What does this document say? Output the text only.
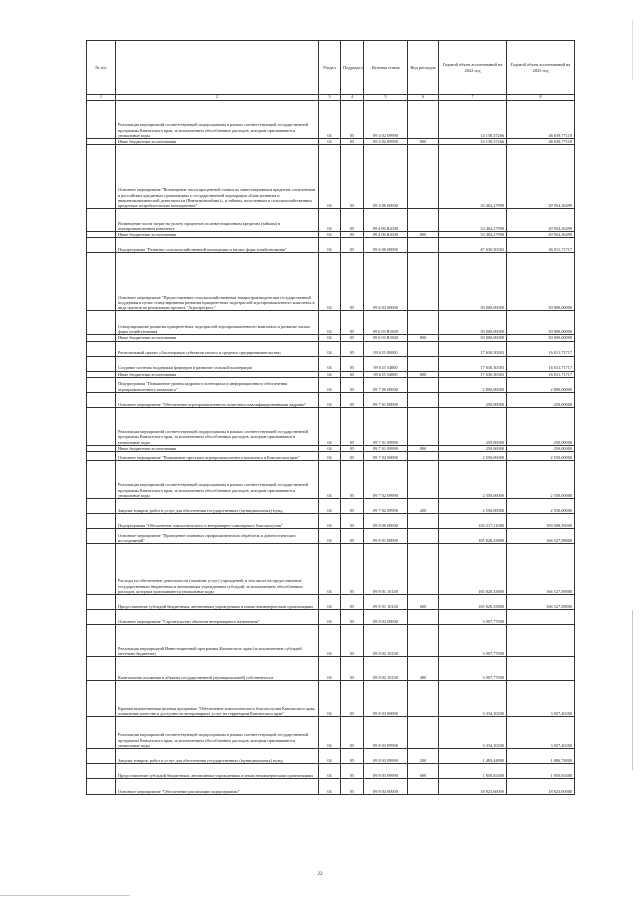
№ п/п		Раздел	Подраздел	Целевая статья	Вид расходов	Годовой объем ассигнований на 2022 год	Годовой объем ассигнований на 2023 год
1	2	3	4	5	6	7	8
	Реализация мероприятий соответствующей подпрограммы в рамках соответствующей государственной программы Камчатского края, за исключением обособленных расходов, которым присваиваются уникальные коды	04	05	09 4 02 09990		14 138,57266	46 639,77118
	Иные бюджетные ассигнования	04	05	09 4 02 09990	800	14 138,57266	46 639,77118
	Основное мероприятие "Возмещение части процентной ставки по инвестиционным кредитам, полученным в российских кредитных организациях и государственной корпорации «Банк развития и внешнеэкономической деятельности (Внешэкономбанк)», и займам, полученным в сельскохозяйственных кредитных потребительских кооперативах"	04	05	09 4 06 00000		33 404,27999	29 954,16499
	Возмещение части затрат на уплату процентов по инвестиционным кредитам (займам) в агропромышленном комплексе	04	05	09 4 06 R4330		33 404,27999	29 954,16499
	Иные бюджетные ассигнования	04	05	09 4 06 R4330	800	33 404,27999	29 954,16499
	Подпрограмма "Развитие сельскохозяйственной кооперации и малых форм хозяйствования"	04	05	09 6 00 00000		47 630,30303	46 011,71717
	Основное мероприятие "Предоставление сельскохозяйственным товаропроизводителям государственной поддержки в целях стимулирования развития приоритетных подотраслей агропромышленного комплекса в виде грантов на реализацию проекта "Агропрогресс"	04	05	09 6 03 00000		30 000,00000	30 000,00000
	Стимулирование развития приоритетных подотраслей агропромышленного комплекса и развитие малых форм хозяйствования	04	05	09 6 03 R5020		30 000,00000	30 000,00000
	Иные бюджетные ассигнования	04	05	09 6 03 R5020	800	30 000,00000	30 000,00000
	Региональный проект «Акселерация субъектов малого и среднего предпринимательства»	04	05	09 6 I5 00000		17 630,30303	16 011,71717
	Создание системы поддержки фермеров и развитие сельской кооперации	04	05	09 6 I5 54800		17 630,30303	16 011,71717
	Иные бюджетные ассигнования	04	05	09 6 I5 54800	800	17 630,30303	16 011,71717
	Подпрограмма "Повышение уровня кадрового потенциала и информационного обеспечения агропромышленного комплекса"	04	05	09 7 00 00000		2 800,00000	2 800,00000
	Основное мероприятие "Обеспечение агропромышленного комплекса квалифицированными кадрами"	04	05	09 7 01 00000		250,00000	250,00000
	Реализация мероприятий соответствующей подпрограммы в рамках соответствующей государственной программы Камчатского края, за исключением обособленных расходов, которым присваиваются уникальные коды	04	05	09 7 01 09990		250,00000	250,00000
	Иные бюджетные ассигнования	04	05	09 7 01 09990	800	250,00000	250,00000
	Основное мероприятие "Повышение престижа агропромышленного комплекса в Камчатском крае"	04	05	09 7 02 00000		2 550,00000	2 550,00000
	Реализация мероприятий соответствующей подпрограммы в рамках соответствующей государственной программы Камчатского края, за исключением обособленных расходов, которым присваиваются уникальные коды	04	05	09 7 02 09990		2 550,00000	2 550,00000
	Закупка товаров, работ и услуг для обеспечения государственных (муниципальных) нужд	04	05	09 7 02 09990	200	2 550,00000	2 550,00000
	Подпрограмма "Обеспечение эпизоотического и ветеринарно-санитарного благополучия"	04	05	09 8 00 00000		192 217,11000	189 008,59000
	Основное мероприятие "Проведение плановых профилактических обработок и диагностических исследований"	04	05	09 8 01 00000		165 828,33800	166 527,58800
	Расходы на обеспечение деятельности (оказание услуг) учреждений, в том числе на предоставление государственным бюджетным и автономным учреждениям субсидий, за исключением обособленных расходов, которым присваиваются уникальные коды	04	05	09 8 01 10140		165 828,33800	166 527,58800
	Предоставление субсидий бюджетным, автономным учреждениям и иным некоммерческим организациям	04	05	09 8 01 10140	600	165 828,33800	166 527,58800
	Основное мероприятие "Строительство объектов ветеринарного назначения"	04	05	09 8 02 00000		3 907,77000	
	Реализация мероприятий Инвестиционной программы Камчатского края (за исключением субсидий местным бюджетам)	04	05	09 8 02 10130		3 907,77000	
	Капитальные вложения в объекты государственной (муниципальной) собственности	04	05	09 8 02 10130	400	3 907,77000	
	Краевая ведомственная целевая программа "Обеспечение эпизоотического благополучия Камчатского края, повышение качества и доступности ветеринарных услуг на территории Камчатского края"	04	05	09 8 03 00000		3 334,10200	3 657,40200
	Реализация мероприятий соответствующей подпрограммы в рамках соответствующей государственной программы Камчатского края, за исключением обособленных расходов, которым присваиваются уникальные коды	04	05	09 8 03 09990		3 334,10200	3 657,40200
	Закупка товаров, работ и услуг для обеспечения государственных (муниципальных) нужд	04	05	09 8 03 09990	200	1 483,44800	1 806,74800
	Предоставление субсидий бюджетным, автономным учреждениям и иным некоммерческим организациям	04	05	09 8 03 09990	600	1 850,65400	1 850,65400
	Основное мероприятие "Обеспечение реализации подпрограммы"	04	05	09 8 04 00000		18 823,60000	18 823,60000
22
